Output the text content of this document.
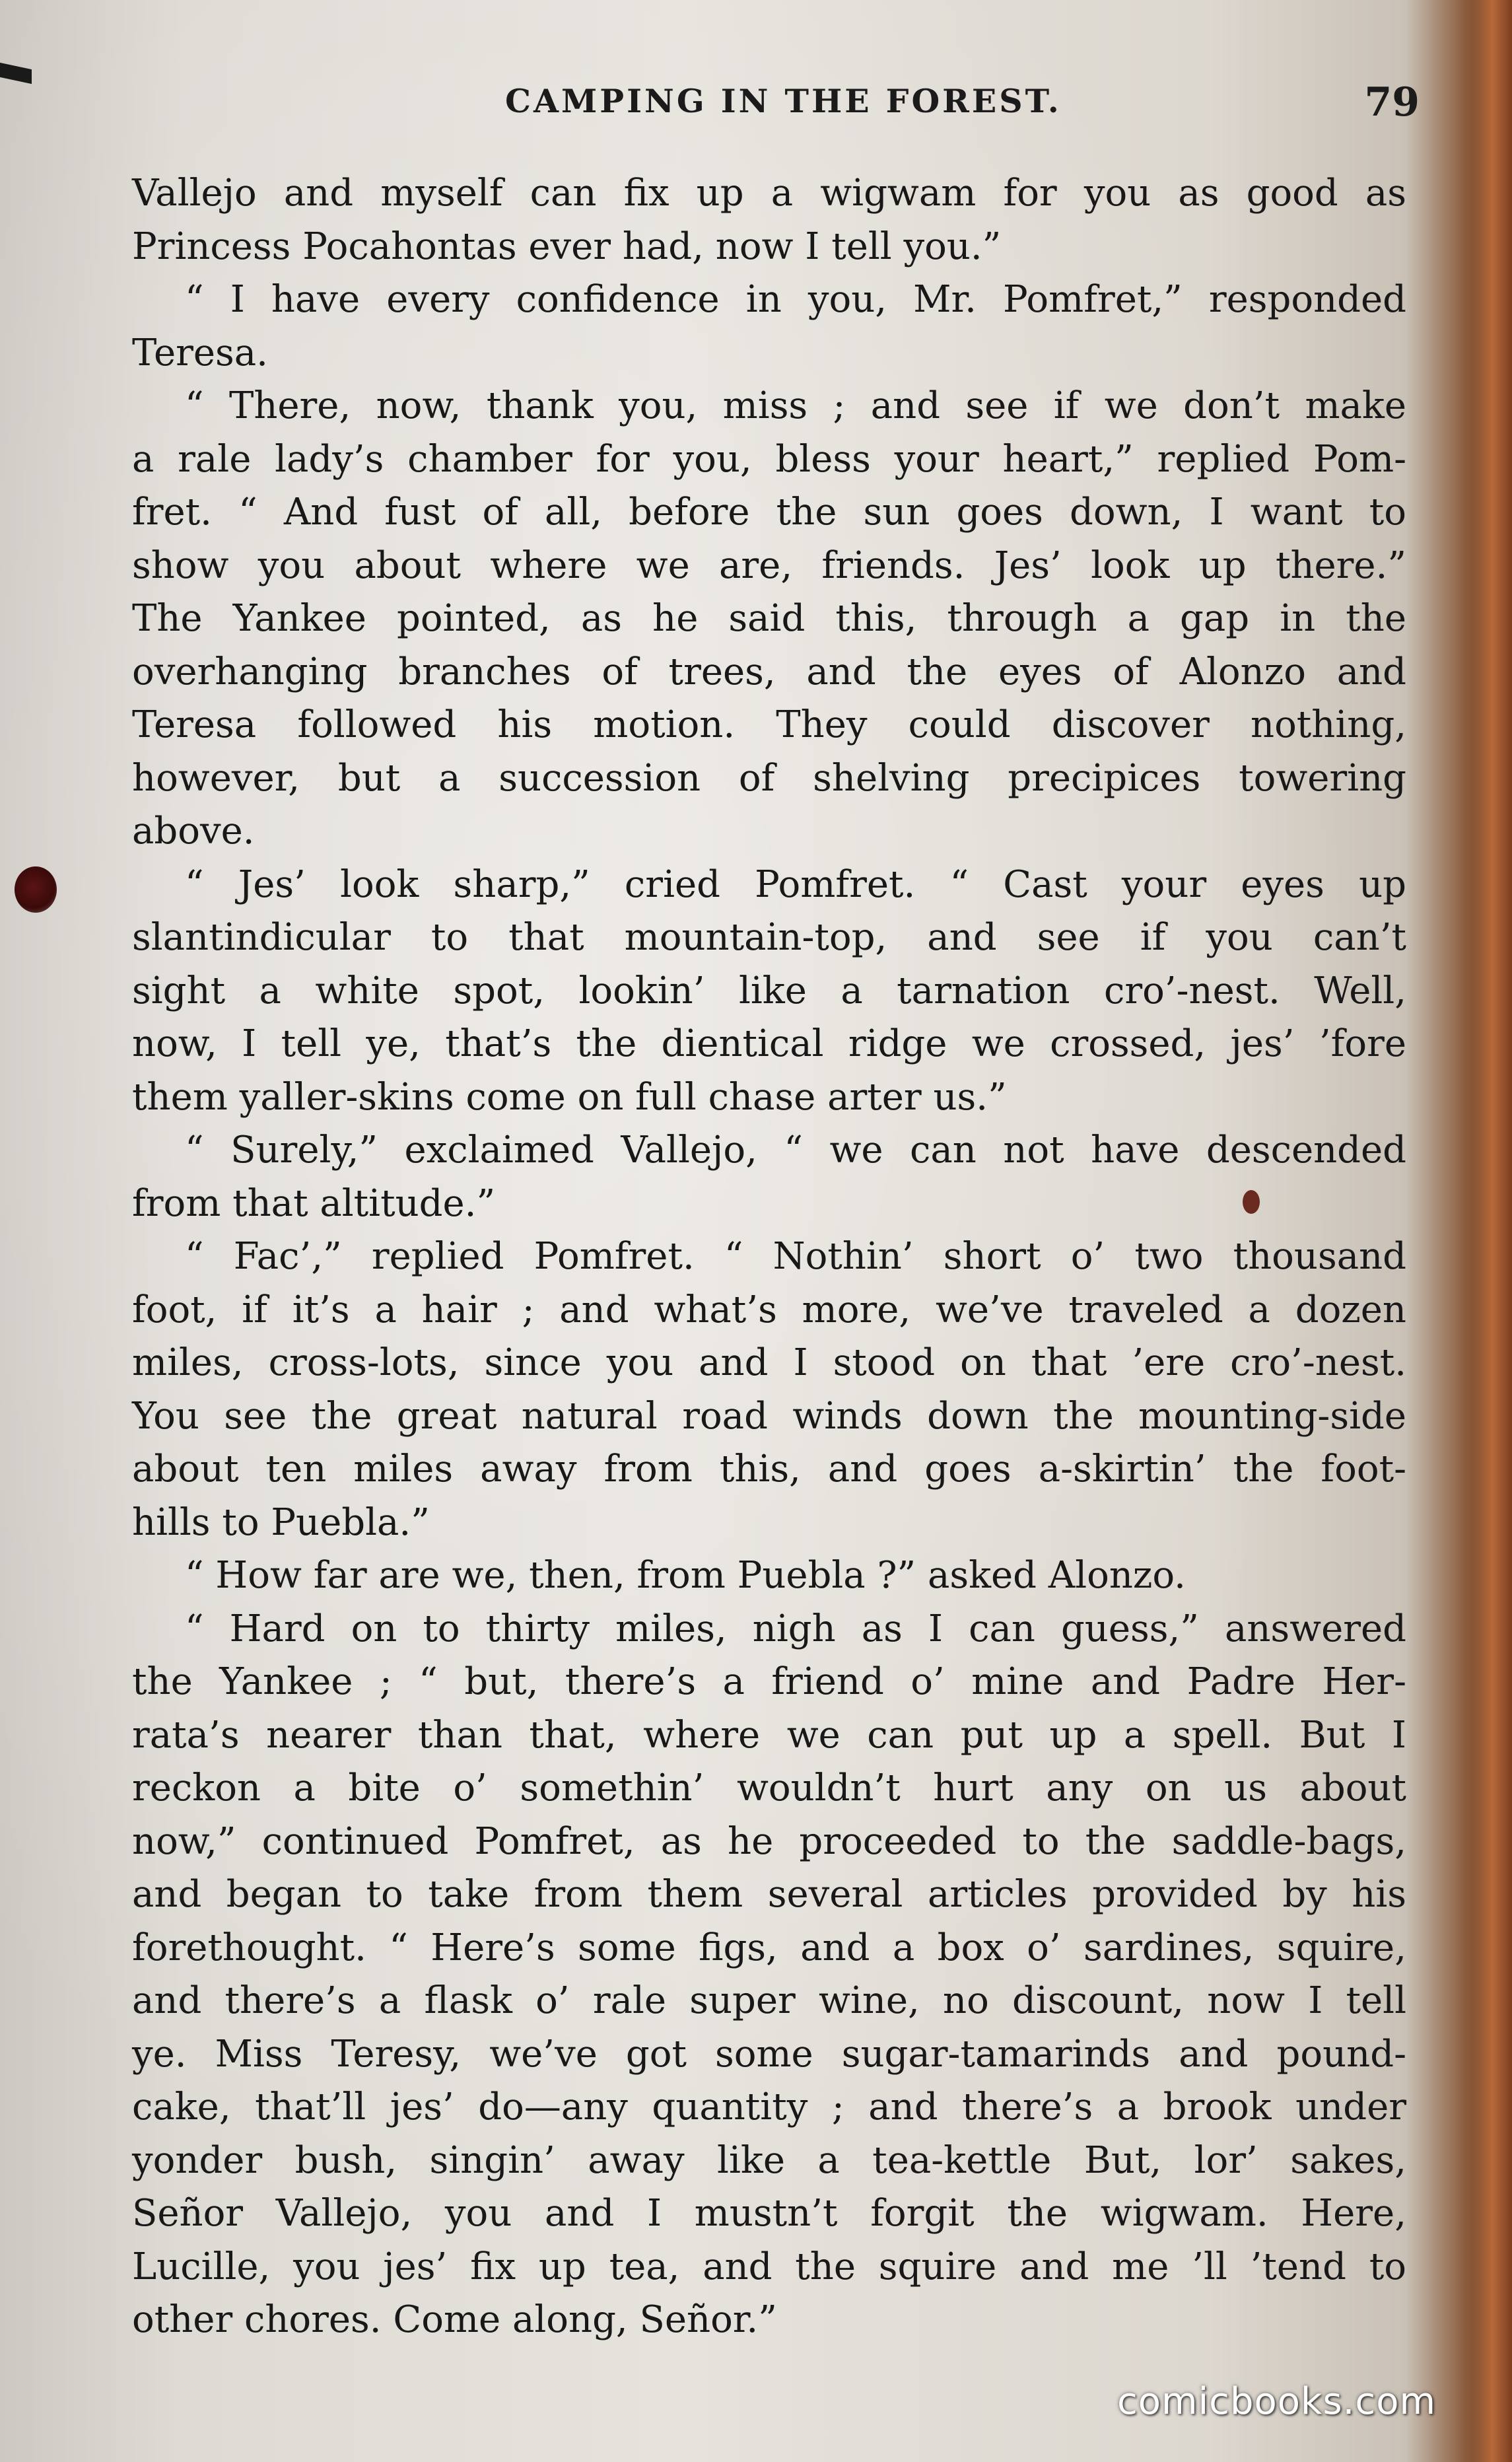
CAMPING IN THE FOREST.	79
Vallejo and myself can fix up a wigwam for you as good as
Princess Pocahontas ever had, now I tell you.”
“ I have every confidence in you, Mr. Pomfret,” responded
Teresa.
“ There, now, thank you, miss ; and see if we don’t make
a rale lady’s chamber for you, bless your heart,” replied Pom-
fret. “ And fust of all, before the sun goes down, I want to
show you about where we are, friends. Jes’ look up there.”
The Yankee pointed, as he said this, through a gap in the
overhanging branches of trees, and the eyes of Alonzo and
Teresa followed his motion. They could discover nothing,
however, but a succession of shelving precipices towering
above.
“ Jes’ look sharp,” cried Pomfret. “ Cast your eyes up
slantindicular to that mountain-top, and see if you can’t
sight a white spot, lookin’ like a tarnation cro’-nest. Well,
now, I tell ye, that’s the dientical ridge we crossed, jes’ ’fore
them yaller-skins come on full chase arter us.”
“ Surely,” exclaimed Vallejo, “ we can not have descended
from that altitude.”
“ Fac’,” replied Pomfret. “ Nothin’ short o’ two thousand
foot, if it’s a hair ; and what’s more, we’ve traveled a dozen
miles, cross-lots, since you and I stood on that ’ere cro’-nest.
You see the great natural road winds down the mounting-side
about ten miles away from this, and goes a-skirtin’ the foot-
hills to Puebla.”
“ How far are we, then, from Puebla ?” asked Alonzo.
“ Hard on to thirty miles, nigh as I can guess,” answered
the Yankee ; “ but, there’s a friend o’ mine and Padre Her-
rata’s nearer than that, where we can put up a spell. But I
reckon a bite o’ somethin’ wouldn’t hurt any on us about
now,” continued Pomfret, as he proceeded to the saddle-bags,
and began to take from them several articles provided by his
forethought. “ Here’s some figs, and a box o’ sardines, squire,
and there’s a flask o’ rale super wine, no discount, now I tell
ye. Miss Teresy, we’ve got some sugar-tamarinds and pound-
cake, that’ll jes’ do—any quantity ; and there’s a brook under
yonder bush, singin’ away like a tea-kettle But, lor’ sakes,
Señor Vallejo, you and I mustn’t forgit the wigwam. Here,
Lucille, you jes’ fix up tea, and the squire and me ’ll ’tend to
other chores. Come along, Señor.”
comicbooks.com
